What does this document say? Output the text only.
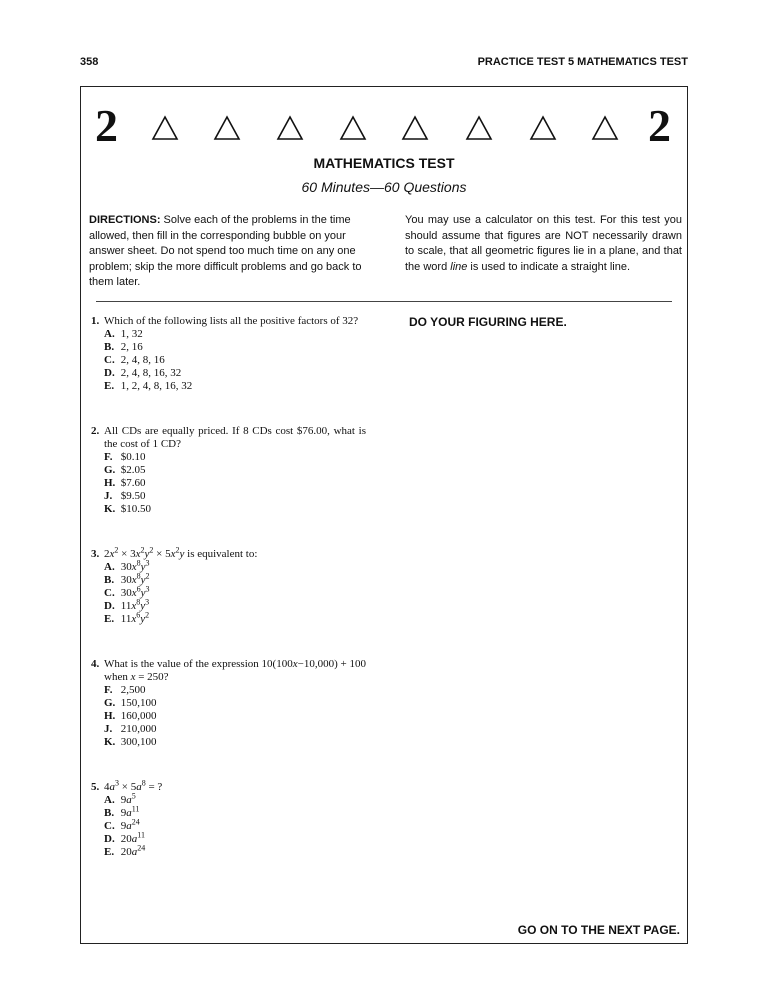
358	PRACTICE TEST 5 MATHEMATICS TEST
2	2
MATHEMATICS TEST
60 Minutes—60 Questions
DIRECTIONS: Solve each of the problems in the time allowed, then fill in the corresponding bubble on your answer sheet. Do not spend too much time on any one problem; skip the more difficult problems and go back to them later.
You may use a calculator on this test. For this test you should assume that figures are NOT necessarily drawn to scale, that all geometric figures lie in a plane, and that the word line is used to indicate a straight line.
DO YOUR FIGURING HERE.
1. Which of the following lists all the positive factors of 32?
A. 1, 32
B. 2, 16
C. 2, 4, 8, 16
D. 2, 4, 8, 16, 32
E. 1, 2, 4, 8, 16, 32
2. All CDs are equally priced. If 8 CDs cost $76.00, what is the cost of 1 CD?
F. $0.10
G. $2.05
H. $7.60
J. $9.50
K. $10.50
3. $2x^2 \times 3x^2y^2 \times 5x^2y$ is equivalent to:
A. $30x^8y^3$
B. $30x^8y^2$
C. $30x^6y^3$
D. $11x^8y^3$
E. $11x^6y^2$
4. What is the value of the expression 10(100x−10,000) + 100 when x = 250?
F. 2,500
G. 150,100
H. 160,000
J. 210,000
K. 300,100
5. $4a^3 \times 5a^8$ = ?
A. $9a^5$
B. $9a^{11}$
C. $9a^{24}$
D. $20a^{11}$
E. $20a^{24}$
GO ON TO THE NEXT PAGE.
